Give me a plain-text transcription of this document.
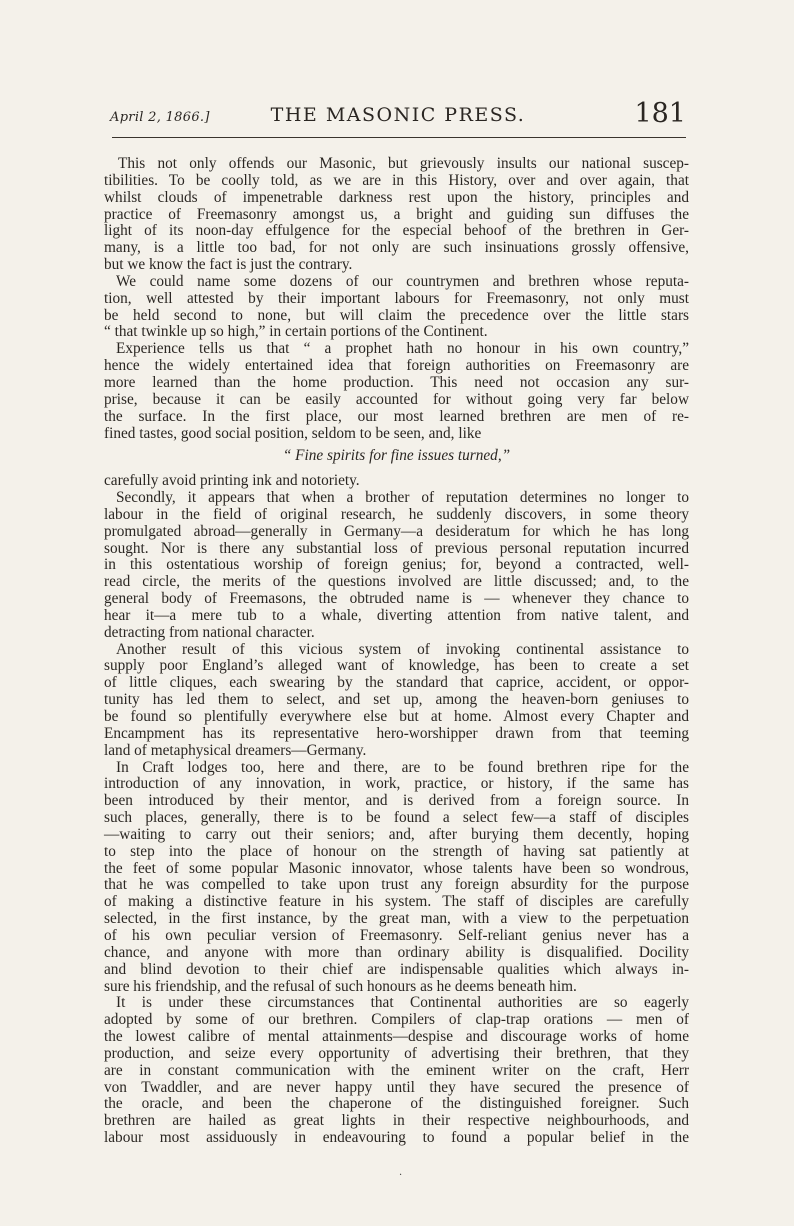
April 2, 1866.]	THE MASONIC PRESS.	181
This not only offends our Masonic, but grievously insults our national suscep-
tibilities. To be coolly told, as we are in this History, over and over again, that
whilst clouds of impenetrable darkness rest upon the history, principles and
practice of Freemasonry amongst us, a bright and guiding sun diffuses the
light of its noon-day effulgence for the especial behoof of the brethren in Ger-
many, is a little too bad, for not only are such insinuations grossly offensive,
but we know the fact is just the contrary.
We could name some dozens of our countrymen and brethren whose reputa-
tion, well attested by their important labours for Freemasonry, not only must
be held second to none, but will claim the precedence over the little stars
“ that twinkle up so high,” in certain portions of the Continent.
Experience tells us that “ a prophet hath no honour in his own country,”
hence the widely entertained idea that foreign authorities on Freemasonry are
more learned than the home production. This need not occasion any sur-
prise, because it can be easily accounted for without going very far below
the surface. In the first place, our most learned brethren are men of re-
fined tastes, good social position, seldom to be seen, and, like
“ Fine spirits for fine issues turned,”
carefully avoid printing ink and notoriety.
Secondly, it appears that when a brother of reputation determines no longer to
labour in the field of original research, he suddenly discovers, in some theory
promulgated abroad—generally in Germany—a desideratum for which he has long
sought. Nor is there any substantial loss of previous personal reputation incurred
in this ostentatious worship of foreign genius; for, beyond a contracted, well-
read circle, the merits of the questions involved are little discussed; and, to the
general body of Freemasons, the obtruded name is — whenever they chance to
hear it—a mere tub to a whale, diverting attention from native talent, and
detracting from national character.
Another result of this vicious system of invoking continental assistance to
supply poor England’s alleged want of knowledge, has been to create a set
of little cliques, each swearing by the standard that caprice, accident, or oppor-
tunity has led them to select, and set up, among the heaven-born geniuses to
be found so plentifully everywhere else but at home. Almost every Chapter and
Encampment has its representative hero-worshipper drawn from that teeming
land of metaphysical dreamers—Germany.
In Craft lodges too, here and there, are to be found brethren ripe for the
introduction of any innovation, in work, practice, or history, if the same has
been introduced by their mentor, and is derived from a foreign source. In
such places, generally, there is to be found a select few—a staff of disciples
—waiting to carry out their seniors; and, after burying them decently, hoping
to step into the place of honour on the strength of having sat patiently at
the feet of some popular Masonic innovator, whose talents have been so wondrous,
that he was compelled to take upon trust any foreign absurdity for the purpose
of making a distinctive feature in his system. The staff of disciples are carefully
selected, in the first instance, by the great man, with a view to the perpetuation
of his own peculiar version of Freemasonry. Self-reliant genius never has a
chance, and anyone with more than ordinary ability is disqualified. Docility
and blind devotion to their chief are indispensable qualities which always in-
sure his friendship, and the refusal of such honours as he deems beneath him.
It is under these circumstances that Continental authorities are so eagerly
adopted by some of our brethren. Compilers of clap-trap orations — men of
the lowest calibre of mental attainments—despise and discourage works of home
production, and seize every opportunity of advertising their brethren, that they
are in constant communication with the eminent writer on the craft, Herr
von Twaddler, and are never happy until they have secured the presence of
the oracle, and been the chaperone of the distinguished foreigner. Such
brethren are hailed as great lights in their respective neighbourhoods, and
labour most assiduously in endeavouring to found a popular belief in the
·
